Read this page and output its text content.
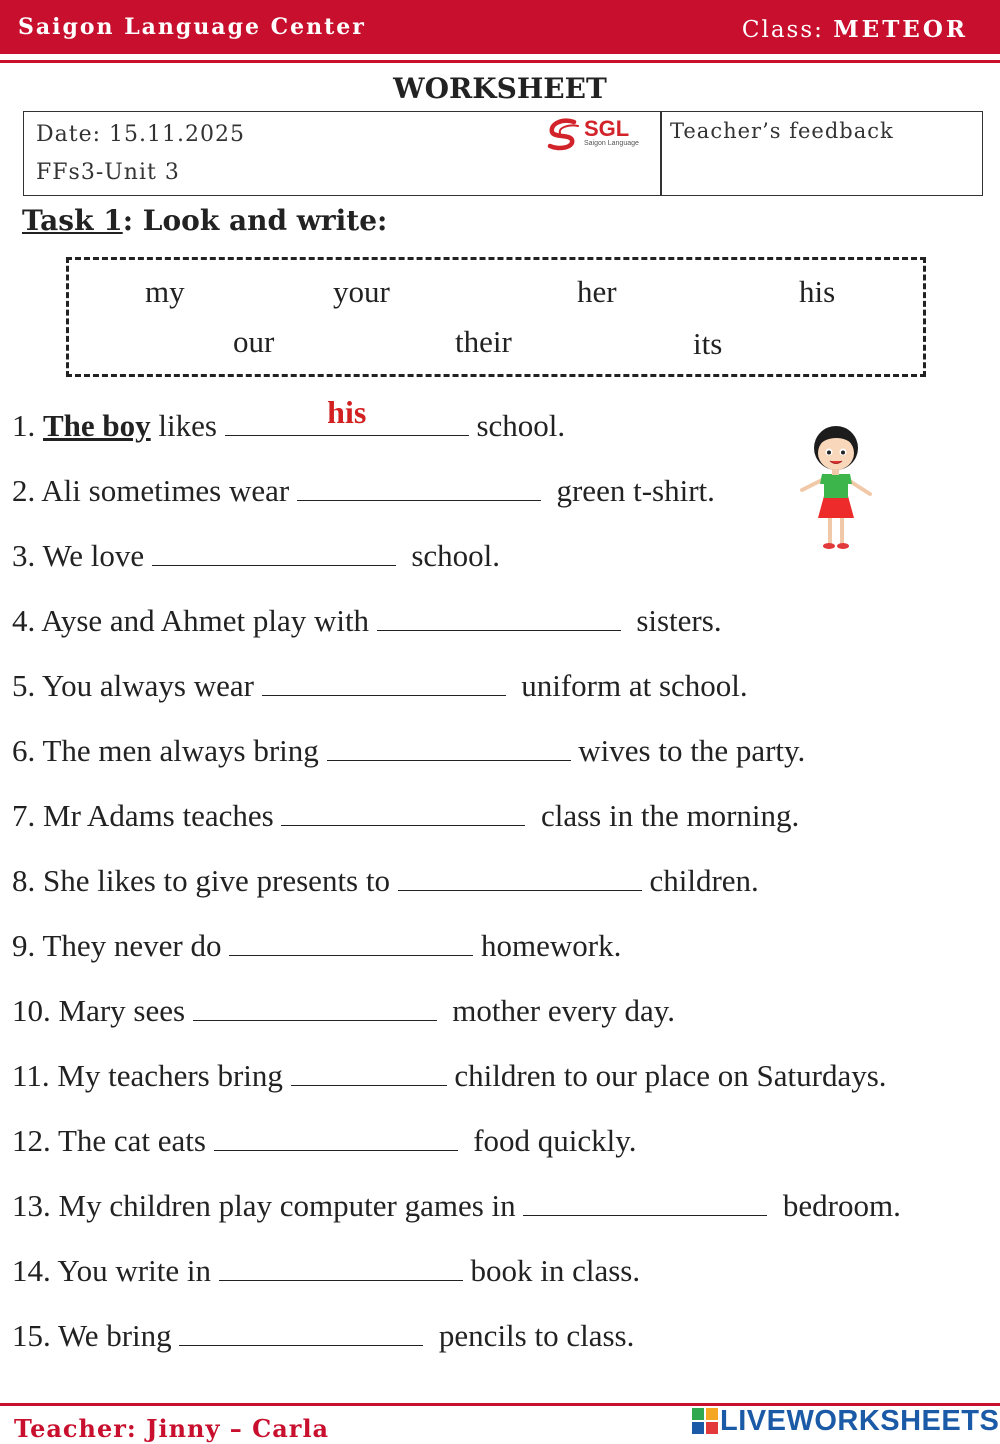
Saigon Language Center	Class: METEOR
WORKSHEET
Date: 15.11.2025
FFs3-Unit 3
SGL
Saigon Language
Teacher’s feedback
Task 1: Look and write:
my	your	her	his
our	their	its
1. The boy likes	his	school.
2. Ali sometimes wear	green t-shirt.
3. We love	school.
4. Ayse and Ahmet play with	sisters.
5. You always wear	uniform at school.
6. The men always bring	wives to the party.
7. Mr Adams teaches	class in the morning.
8. She likes to give presents to	children.
9. They never do	homework.
10. Mary sees	mother every day.
11. My teachers bring	children to our place on Saturdays.
12. The cat eats	food quickly.
13. My children play computer games in	bedroom.
14. You write in	book in class.
15. We bring	pencils to class.
Teacher: Jinny – Carla	LIVEWORKSHEETS
